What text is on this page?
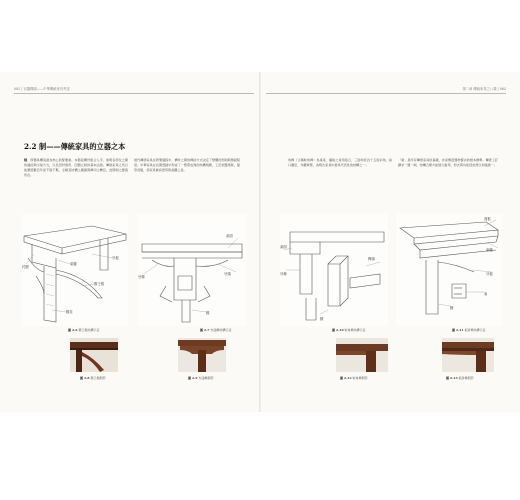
082 | 百器釋源——中華傳統家具考述	第二章 傳統家具之八義 | 083
2.2 制——傳統家具的立器之本
制，即器具構造最為核心的緊要處。本節從構件組合入手，說明各部位之間的連接與交接方式，以及因材施用、因器立制的基本法則。傳統家具之所以能歷經數百年而不散不鬆，全賴其結構之嚴謹與榫卯之精密，此即制之要義所在。
當代傳統家具在研製過程中，構件之間的榫接方式決定了整體的形制與穩固程度。中華家具在長期實踐中形成了一整套成熟的結構規範，工匠依器施制，隨形而變，使家具兼具實用與美觀之長。
束腰
霸王棖
腿足
牙板
托腮
圖 2-6 霸王棖結構示意
桌面
牙頭
牙條
腿
圖 2-7 夾頭榫結構示意
圖 2-8 霸王棖細部	圖 2-9 夾頭榫細部
角榫（又稱粽角榫）為桌案、櫃格之常用接合，三面均見四十五度斜角，接口嚴密，外觀齊整，為明式家具中最具代表性的結構之一。
「制」是所有傳統家具的基礎，亦是衡量器物優劣的根本標準。傳統工匠講求一器一制，結構合理方能經久耐用，形式與功能因此得以和諧統一。
桌面
牙條
腿
榫頭
圖 2-10 粽角榫結構示意
面框
束腰
牙板
腿
肩
圖 2-11 抱肩榫結構示意
圖 2-12 粽角榫細部	圖 2-13 抱肩榫細部
